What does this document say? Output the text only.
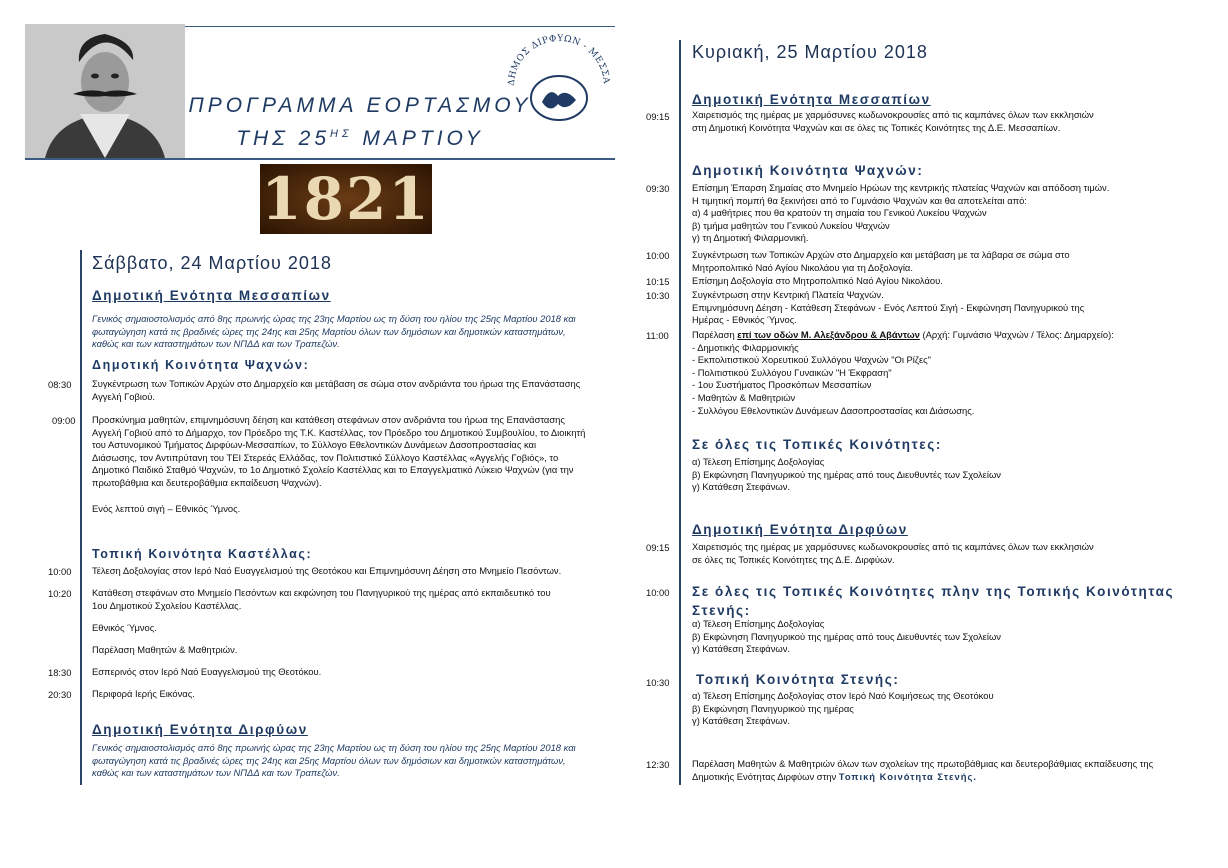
ΠΡΟΓΡΑΜΜΑ ΕΟΡΤΑΣΜΟΥ
ΤΗΣ $25^{H\Sigma}$ ΜΑΡΤΙΟΥ
ΔΗΜΟΣ ΔΙΡΦΥΩΝ - ΜΕΣΣΑ
1821
Σάββατο, 24 Μαρτίου 2018
Δημοτική Ενότητα Μεσσαπίων
Γενικός σημαιοστολισμός από 8ης πρωινής ώρας της 23ης Μαρτίου ως τη δύση του ηλίου της 25ης Μαρτίου 2018 και
φωταγώγηση κατά τις βραδινές ώρες της 24ης και 25ης Μαρτίου όλων των δημόσιων και δημοτικών καταστημάτων,
καθώς και των καταστημάτων των ΝΠΔΔ και των Τραπεζών.
Δημοτική Κοινότητα Ψαχνών:
08:30 Συγκέντρωση των Τοπικών Αρχών στο Δημαρχείο και μετάβαση σε σώμα στον ανδριάντα του ήρωα της Επανάστασης
Αγγελή Γοβιού.
09:00 Προσκύνημα μαθητών, επιμνημόσυνη δέηση και κατάθεση στεφάνων στον ανδριάντα του ήρωα της Επανάστασης
Αγγελή Γοβιού από το Δήμαρχο, τον Πρόεδρο της Τ.Κ. Καστέλλας, τον Πρόεδρο του Δημοτικού Συμβουλίου, το Διοικητή
του Αστυνομικού Τμήματος Διρφύων-Μεσσαπίων, το Σύλλογο Εθελοντικών Δυνάμεων Δασοπροστασίας και
Διάσωσης, τον Αντιπρύτανη του ΤΕΙ Στερεάς Ελλάδας, τον Πολιτιστικό Σύλλογο Καστέλλας «Αγγελής Γοβιός», το
Δημοτικό Παιδικό Σταθμό Ψαχνών, το 1ο Δημοτικό Σχολείο Καστέλλας και το Επαγγελματικό Λύκειο Ψαχνών (για την
πρωτοβάθμια και δευτεροβάθμια εκπαίδευση Ψαχνών).
Ενός λεπτού σιγή – Εθνικός Ύμνος.
Τοπική Κοινότητα Καστέλλας:
10:00 Τέλεση Δοξολογίας στον Ιερό Ναό Ευαγγελισμού της Θεοτόκου και Επιμνημόσυνη Δέηση στο Μνημείο Πεσόντων.
10:20 Κατάθεση στεφάνων στο Μνημείο Πεσόντων και εκφώνηση του Πανηγυρικού της ημέρας από εκπαιδευτικό του
1ου Δημοτικού Σχολείου Καστέλλας.
Εθνικός Ύμνος.
Παρέλαση Μαθητών & Μαθητριών.
18:30 Εσπερινός στον Ιερό Ναό Ευαγγελισμού της Θεοτόκου.
20:30 Περιφορά Ιερής Εικόνας.
Δημοτική Ενότητα Διρφύων
Γενικός σημαιοστολισμός από 8ης πρωινής ώρας της 23ης Μαρτίου ως τη δύση του ηλίου της 25ης Μαρτίου 2018 και
φωταγώγηση κατά τις βραδινές ώρες της 24ης και 25ης Μαρτίου όλων των δημόσιων και δημοτικών καταστημάτων,
καθώς και των καταστημάτων των ΝΠΔΔ και των Τραπεζών.
Κυριακή, 25 Μαρτίου 2018
Δημοτική Ενότητα Μεσσαπίων
09:15 Χαιρετισμός της ημέρας με χαρμόσυνες κωδωνοκρουσίες από τις καμπάνες όλων των εκκλησιών
στη Δημοτική Κοινότητα Ψαχνών και σε όλες τις Τοπικές Κοινότητες της Δ.Ε. Μεσσαπίων.
Δημοτική Κοινότητα Ψαχνών:
09:30 Επίσημη Έπαρση Σημαίας στο Μνημείο Ηρώων της κεντρικής πλατείας Ψαχνών και απόδοση τιμών.
Η τιμητική πομπή θα ξεκινήσει από το Γυμνάσιο Ψαχνών και θα αποτελείται από:
α) 4 μαθήτριες που θα κρατούν τη σημαία του Γενικού Λυκείου Ψαχνών
β) τμήμα μαθητών του Γενικού Λυκείου Ψαχνών
γ) τη Δημοτική Φιλαρμονική.
10:00 Συγκέντρωση των Τοπικών Αρχών στο Δημαρχείο και μετάβαση με τα λάβαρα σε σώμα στο
Μητροπολιτικό Ναό Αγίου Νικολάου για τη Δοξολογία.
10:15 Επίσημη Δοξολογία στο Μητροπολιτικό Ναό Αγίου Νικολάου.
10:30 Συγκέντρωση στην Κεντρική Πλατεία Ψαχνών.
Επιμνημόσυνη Δέηση - Κατάθεση Στεφάνων - Ενός Λεπτού Σιγή - Εκφώνηση Πανηγυρικού της
Ημέρας - Εθνικός Ύμνος.
11:00 Παρέλαση επί των οδών Μ. Αλεξάνδρου & Αβάντων (Αρχή: Γυμνάσιο Ψαχνών / Τέλος: Δημαρχείο):
- Δημοτικής Φιλαρμονικής
- Εκπολιτιστικού Χορευτικού Συλλόγου Ψαχνών "Οι Ρίζες"
- Πολιτιστικού Συλλόγου Γυναικών "Η Έκφραση"
- 1ου Συστήματος Προσκόπων Μεσσαπίων
- Μαθητών & Μαθητριών
- Συλλόγου Εθελοντικών Δυνάμεων Δασοπροστασίας και Διάσωσης.
Σε όλες τις Τοπικές Κοινότητες:
α) Τέλεση Επίσημης Δοξολογίας
β) Εκφώνηση Πανηγυρικού της ημέρας από τους Διευθυντές των Σχολείων
γ) Κατάθεση Στεφάνων.
Δημοτική Ενότητα Διρφύων
09:15 Χαιρετισμός της ημέρας με χαρμόσυνες κωδωνοκρουσίες από τις καμπάνες όλων των εκκλησιών
σε όλες τις Τοπικές Κοινότητες της Δ.Ε. Διρφύων.
10:00 Σε όλες τις Τοπικές Κοινότητες πλην της Τοπικής Κοινότητας
Στενής:
α) Τέλεση Επίσημης Δοξολογίας
β) Εκφώνηση Πανηγυρικού της ημέρας από τους Διευθυντές των Σχολείων
γ) Κατάθεση Στεφάνων.
10:30 Τοπική Κοινότητα Στενής:
α) Τέλεση Επίσημης Δοξολογίας στον Ιερό Ναό Κοιμήσεως της Θεοτόκου
β) Εκφώνηση Πανηγυρικού της ημέρας
γ) Κατάθεση Στεφάνων.
12:30 Παρέλαση Μαθητών & Μαθητριών όλων των σχολείων της πρωτοβάθμιας και δευτεροβάθμιας εκπαίδευσης της
Δημοτικής Ενότητας Διρφύων στην Τοπική Κοινότητα Στενής.
